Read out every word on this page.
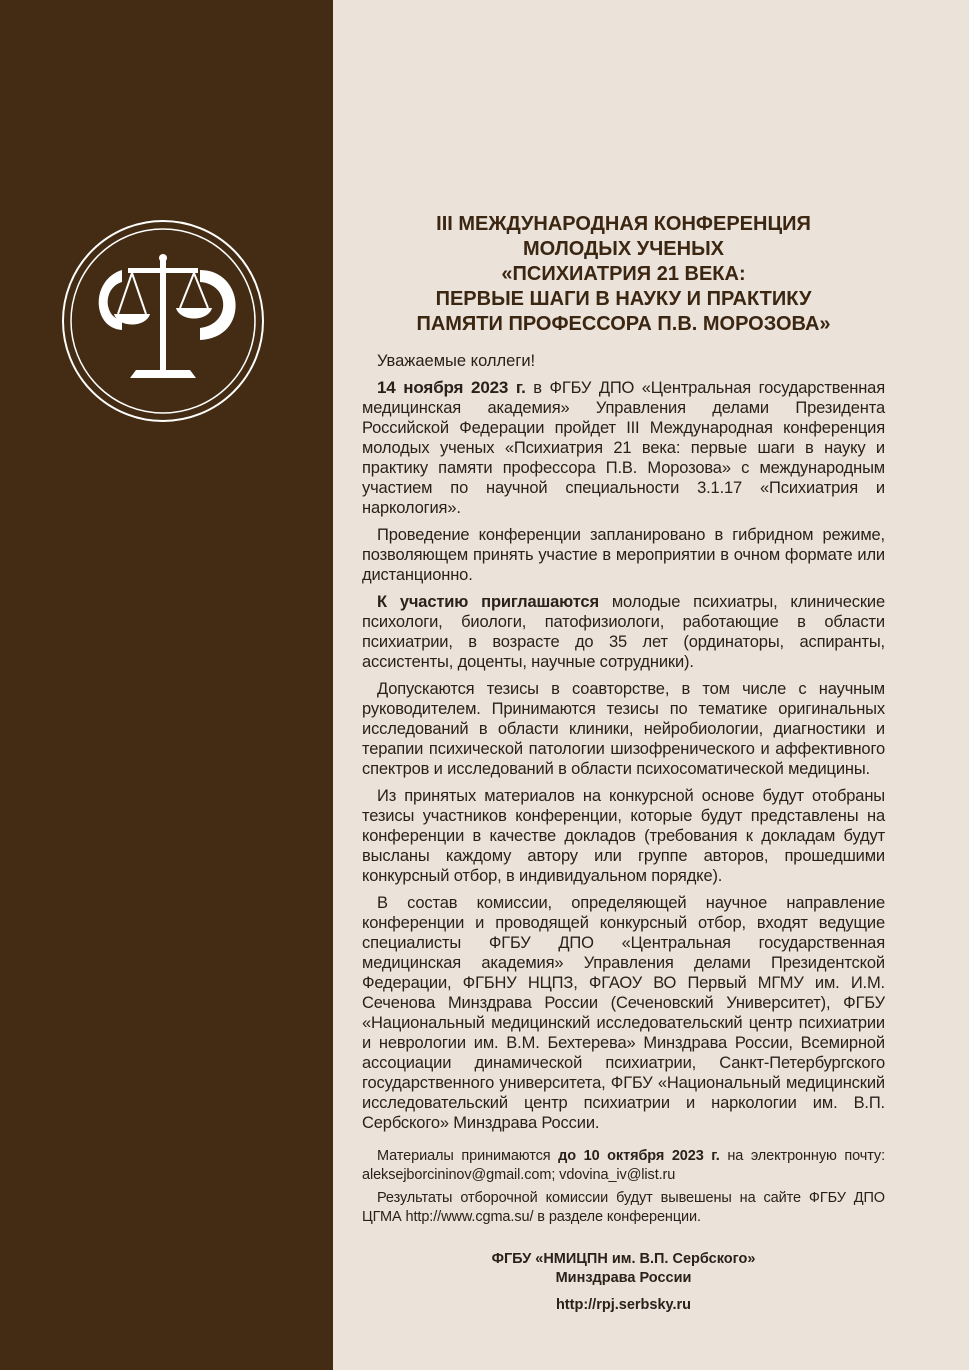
III МЕЖДУНАРОДНАЯ КОНФЕРЕНЦИЯ
МОЛОДЫХ УЧЕНЫХ
«ПСИХИАТРИЯ 21 ВЕКА:
ПЕРВЫЕ ШАГИ В НАУКУ И ПРАКТИКУ
ПАМЯТИ ПРОФЕССОРА П.В. МОРОЗОВА»

Уважаемые коллеги!

14 ноября 2023 г. в ФГБУ ДПО «Центральная государственная медицинская академия» Управления делами Президента Российской Федерации пройдет III Международная конференция молодых ученых «Психиатрия 21 века: первые шаги в науку и практику памяти профессора П.В. Морозова» с международным участием по научной специальности 3.1.17 «Психиатрия и наркология».

Проведение конференции запланировано в гибридном режиме, позволяющем принять участие в мероприятии в очном формате или дистанционно.

К участию приглашаются молодые психиатры, клинические психологи, биологи, патофизиологи, работающие в области психиатрии, в возрасте до 35 лет (ординаторы, аспиранты, ассистенты, доценты, научные сотрудники).

Допускаются тезисы в соавторстве, в том числе с научным руководителем. Принимаются тезисы по тематике оригинальных исследований в области клиники, нейробиологии, диагностики и терапии психической патологии шизофренического и аффективного спектров и исследований в области психосоматической медицины.

Из принятых материалов на конкурсной основе будут отобраны тезисы участников конференции, которые будут представлены на конференции в качестве докладов (требования к докладам будут высланы каждому автору или группе авторов, прошедшими конкурсный отбор, в индивидуальном порядке).

В состав комиссии, определяющей научное направление конференции и проводящей конкурсный отбор, входят ведущие специалисты ФГБУ ДПО «Центральная государственная медицинская академия» Управления делами Президентской Федерации, ФГБНУ НЦПЗ, ФГАОУ ВО Первый МГМУ им. И.М. Сеченова Минздрава России (Сеченовский Университет), ФГБУ «Национальный медицинский исследовательский центр психиатрии и неврологии им. В.М. Бехтерева» Минздрава России, Всемирной ассоциации динамической психиатрии, Санкт-Петербургского государственного университета, ФГБУ «Национальный медицинский исследовательский центр психиатрии и наркологии им. В.П. Сербского» Минздрава России.

Материалы принимаются до 10 октября 2023 г. на электронную почту: aleksejborcininov@gmail.com; vdovina_iv@list.ru

Результаты отборочной комиссии будут вывешены на сайте ФГБУ ДПО ЦГМА http://www.cgma.su/ в разделе конференции.

ФГБУ «НМИЦПН им. В.П. Сербского»
Минздрава России
http://rpj.serbsky.ru
